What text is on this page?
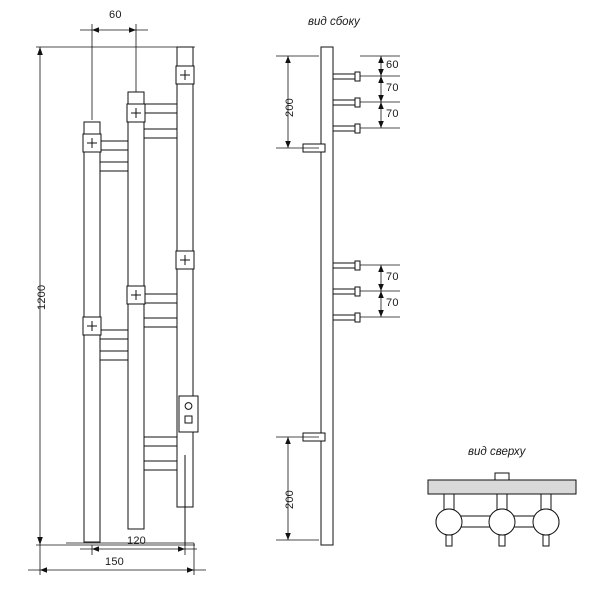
60
1200
120
150
вид сбоку
вид сверху
60
70
70
200
70
70
200
